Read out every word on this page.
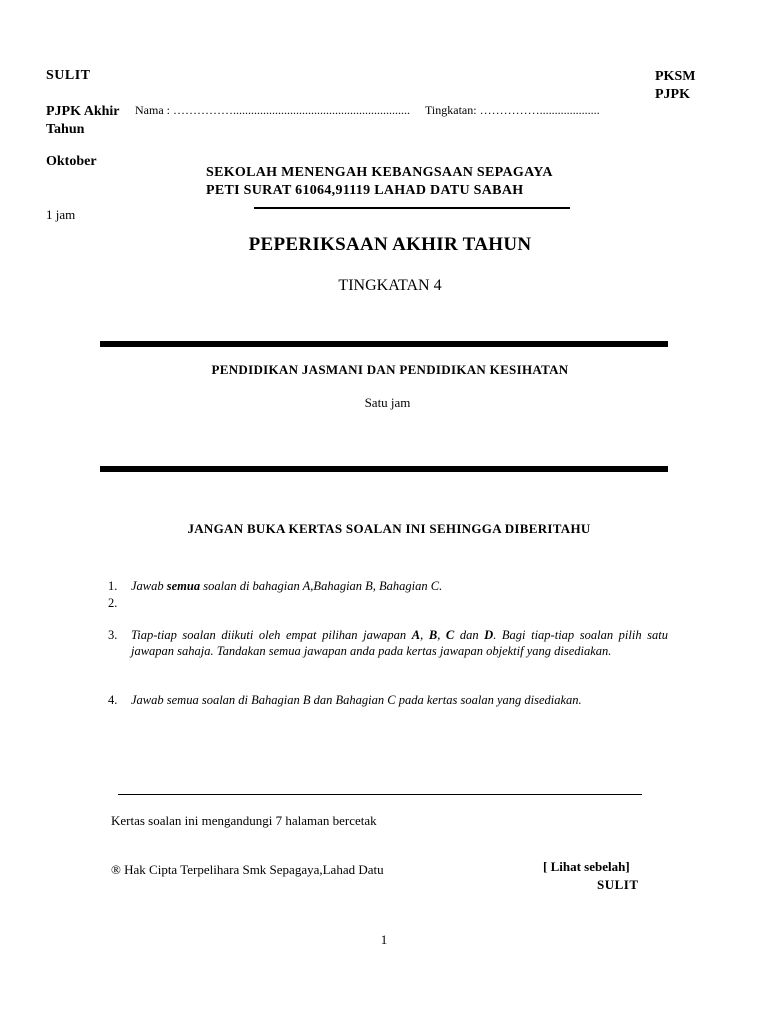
SULIT	PKSM
PJPK
PJPK Akhir
Tahun
Nama : ……………........................................................... Tingkatan: ……………....................
Oktober
1 jam
SEKOLAH MENENGAH KEBANGSAAN SEPAGAYA
PETI SURAT 61064,91119 LAHAD DATU SABAH
PEPERIKSAAN AKHIR TAHUN
TINGKATAN 4
PENDIDIKAN JASMANI DAN PENDIDIKAN KESIHATAN
Satu jam
JANGAN BUKA KERTAS SOALAN INI SEHINGGA DIBERITAHU
1. Jawab semua soalan di bahagian A,Bahagian B, Bahagian C.
2.
3. Tiap-tiap soalan diikuti oleh empat pilihan jawapan A, B, C dan D. Bagi tiap-tiap soalan pilih satu jawapan sahaja. Tandakan semua jawapan anda pada kertas jawapan objektif yang disediakan.
4. Jawab semua soalan di Bahagian B dan Bahagian C pada kertas soalan yang disediakan.
Kertas soalan ini mengandungi 7 halaman bercetak
® Hak Cipta Terpelihara Smk Sepagaya,Lahad Datu	[ Lihat sebelah]
SULIT
1
